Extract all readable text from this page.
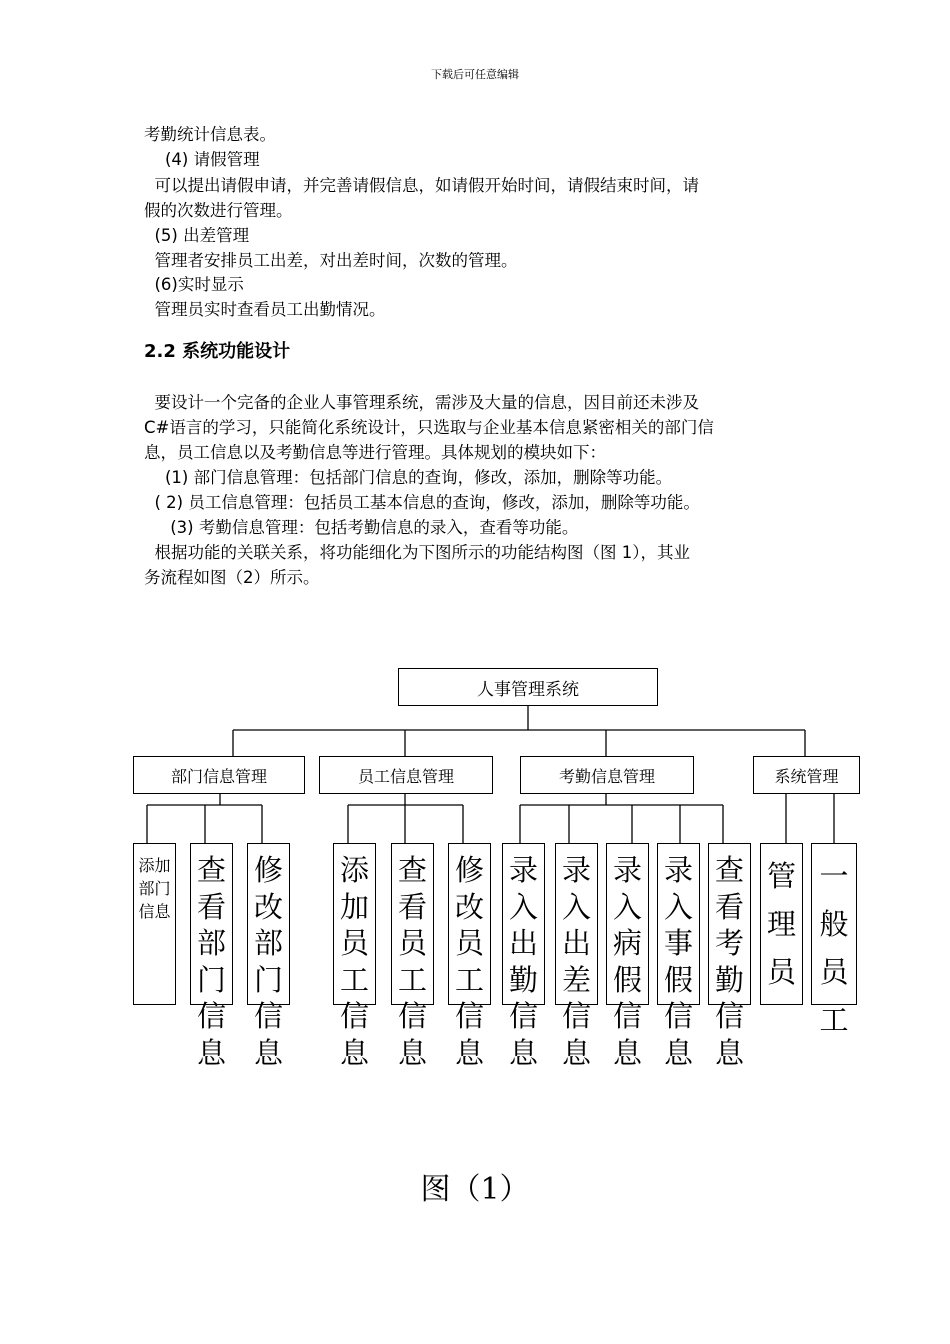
下载后可任意编辑
考勤统计信息表。
(4) 请假管理
可以提出请假申请，并完善请假信息，如请假开始时间，请假结束时间，请
假的次数进行管理。
(5) 出差管理
管理者安排员工出差，对出差时间，次数的管理。
(6)实时显示
管理员实时查看员工出勤情况。
2.2 系统功能设计
要设计一个完备的企业人事管理系统，需涉及大量的信息，因目前还未涉及
C#语言的学习，只能简化系统设计，只选取与企业基本信息紧密相关的部门信
息，员工信息以及考勤信息等进行管理。具体规划的模块如下：
(1) 部门信息管理：包括部门信息的查询，修改，添加，删除等功能。
( 2) 员工信息管理：包括员工基本信息的查询，修改，添加，删除等功能。
(3) 考勤信息管理：包括考勤信息的录入，查看等功能。
根据功能的关联关系，将功能细化为下图所示的功能结构图（图 1），其业
务流程如图（2）所示。
人事管理系统
部门信息管理	员工信息管理	考勤信息管理	系统管理
添加部门信息
查看部门信息
修改部门信息
添加员工信息
查看员工信息
修改员工信息
录入出勤信息
录入出差信息
录入病假信息
录入事假信息
查看考勤信息
管理员
一般员工
图（1）
